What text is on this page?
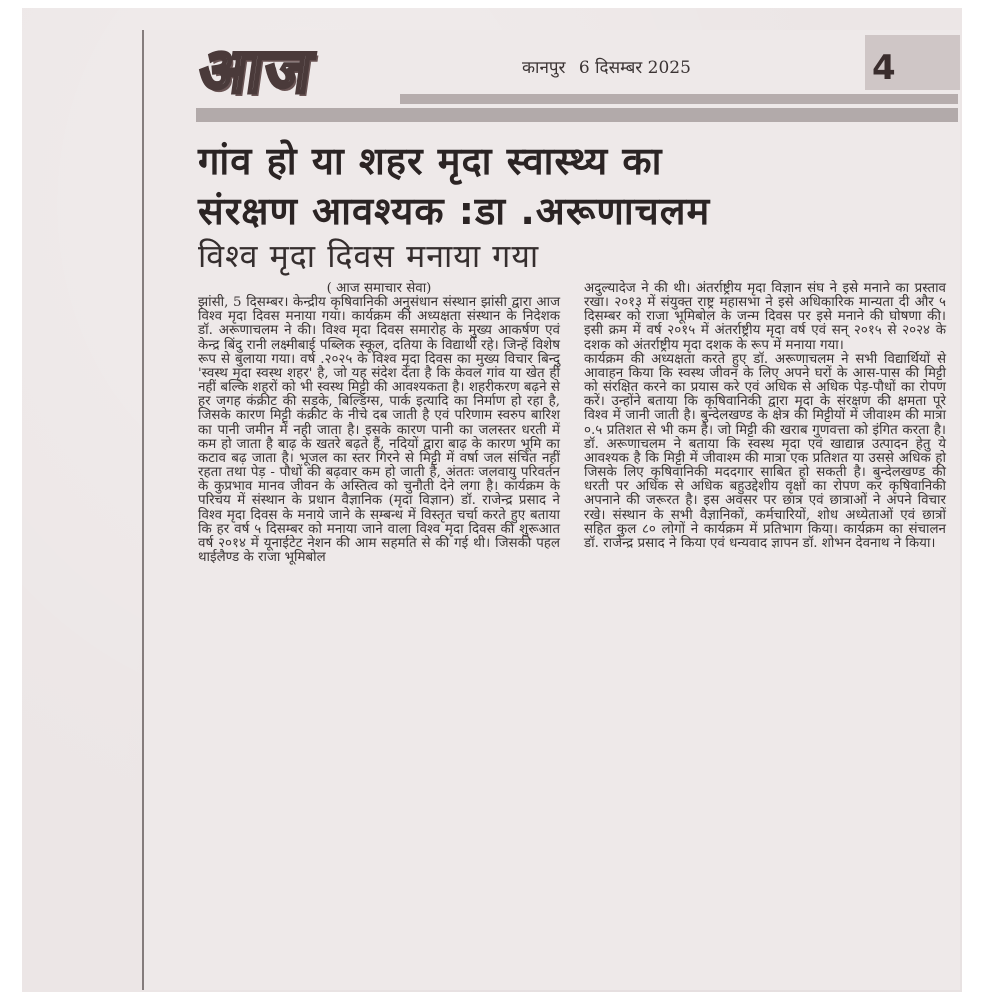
आज	कानपुर 6 दिसम्बर 2025	4
गांव हो या शहर मृदा स्वास्थ्य का
संरक्षण आवश्यक :डा .अरूणाचलम
विश्व मृदा दिवस मनाया गया

( आज समाचार सेवा)

झांसी, 5 दिसम्बर। केन्द्रीय कृषिवानिकी अनुसंधान संस्थान झांसी द्वारा आज विश्व मृदा दिवस मनाया गया। कार्यक्रम की अध्यक्षता संस्थान के निदेशक डॉ. अरूणाचलम ने की। विश्व मृदा दिवस समारोह के मुख्य आकर्षण एवं केन्द्र बिंदु रानी लक्ष्मीबाई पब्लिक स्कूल, दतिया के विद्यार्थी रहे। जिन्हें विशेष रूप से बुलाया गया। वर्ष .२०२५ के विश्व मृदा दिवस का मुख्य विचार बिन्दु 'स्वस्थ मृदा स्वस्थ शहर' है, जो यह संदेश देता है कि केवल गांव या खेत ही नहीं बल्कि शहरों को भी स्वस्थ मिट्टी की आवश्यकता है। शहरीकरण बढ़ने से हर जगह कंक्रीट की सड़के, बिल्डिंग्स, पार्क इत्यादि का निर्माण हो रहा है, जिसके कारण मिट्टी कंक्रीट के नीचे दब जाती है एवं परिणाम स्वरुप बारिश का पानी जमीन में नही जाता है। इसके कारण पानी का जलस्तर धरती में कम हो जाता है बाढ़ के खतरे बढ़ते हैं, नदियों द्वारा बाढ़ के कारण भूमि का कटाव बढ़ जाता है। भूजल का स्तर गिरने से मिट्टी में वर्षा जल संचित नहीं रहता तथा पेड़ - पौधों की बढ़वार कम हो जाती है, अंततः जलवायु परिवर्तन के कुप्रभाव मानव जीवन के अस्तित्व को चुनौती देने लगा है। कार्यक्रम के परिचय में संस्थान के प्रधान वैज्ञानिक (मृदा विज्ञान) डॉ. राजेन्द्र प्रसाद ने विश्व मृदा दिवस के मनाये जाने के सम्बन्ध में विस्तृत चर्चा करते हुए बताया कि हर वर्ष ५ दिसम्बर को मनाया जाने वाला विश्व मृदा दिवस की शुरूआत वर्ष २०१४ में यूनाईटेट नेशन की आम सहमति से की गई थी। जिसकी पहल थाईलैण्ड के राजा भूमिबोल

अदुल्यादेज ने की थी। अंतर्राष्ट्रीय मृदा विज्ञान संघ ने इसे मनाने का प्रस्ताव रखा। २०१३ में संयुक्त राष्ट्र महासभा ने इसे अधिकारिक मान्यता दी और ५ दिसम्बर को राजा भूमिबोल के जन्म दिवस पर इसे मनाने की घोषणा की। इसी क्रम में वर्ष २०१५ में अंतर्राष्ट्रीय मृदा वर्ष एवं सन् २०१५ से २०२४ के दशक को अंतर्राष्ट्रीय मृदा दशक के रूप में मनाया गया।

कार्यक्रम की अध्यक्षता करते हुए डॉ. अरूणाचलम ने सभी विद्यार्थियों से आवाहन किया कि स्वस्थ जीवन के लिए अपने घरों के आस-पास की मिट्टी को संरक्षित करने का प्रयास करे एवं अधिक से अधिक पेड़-पौधों का रोपण करें। उन्होंने बताया कि कृषिवानिकी द्वारा मृदा के संरक्षण की क्षमता पूरे विश्व में जानी जाती है। बुन्देलखण्ड के क्षेत्र की मिट्टीयों में जीवाश्म की मात्रा ०.५ प्रतिशत से भी कम है। जो मिट्टी की खराब गुणवत्ता को इंगित करता है। डॉ. अरूणाचलम ने बताया कि स्वस्थ मृदा एवं खाद्यान्न उत्पादन हेतु ये आवश्यक है कि मिट्टी में जीवाश्म की मात्रा एक प्रतिशत या उससे अधिक हो जिसके लिए कृषिवानिकी मददगार साबित हो सकती है। बुन्देलखण्ड की धरती पर अधिक से अधिक बहुउद्देशीय वृक्षों का रोपण कर कृषिवानिकी अपनाने की जरूरत है। इस अवसर पर छात्र एवं छात्राओं ने अपने विचार रखे। संस्थान के सभी वैज्ञानिकों, कर्मचारियों, शोध अध्येताओं एवं छात्रों सहित कुल ८० लोगों ने कार्यक्रम में प्रतिभाग किया। कार्यक्रम का संचालन डॉ. राजेन्द्र प्रसाद ने किया एवं धन्यवाद ज्ञापन डॉ. शोभन देवनाथ ने किया।
